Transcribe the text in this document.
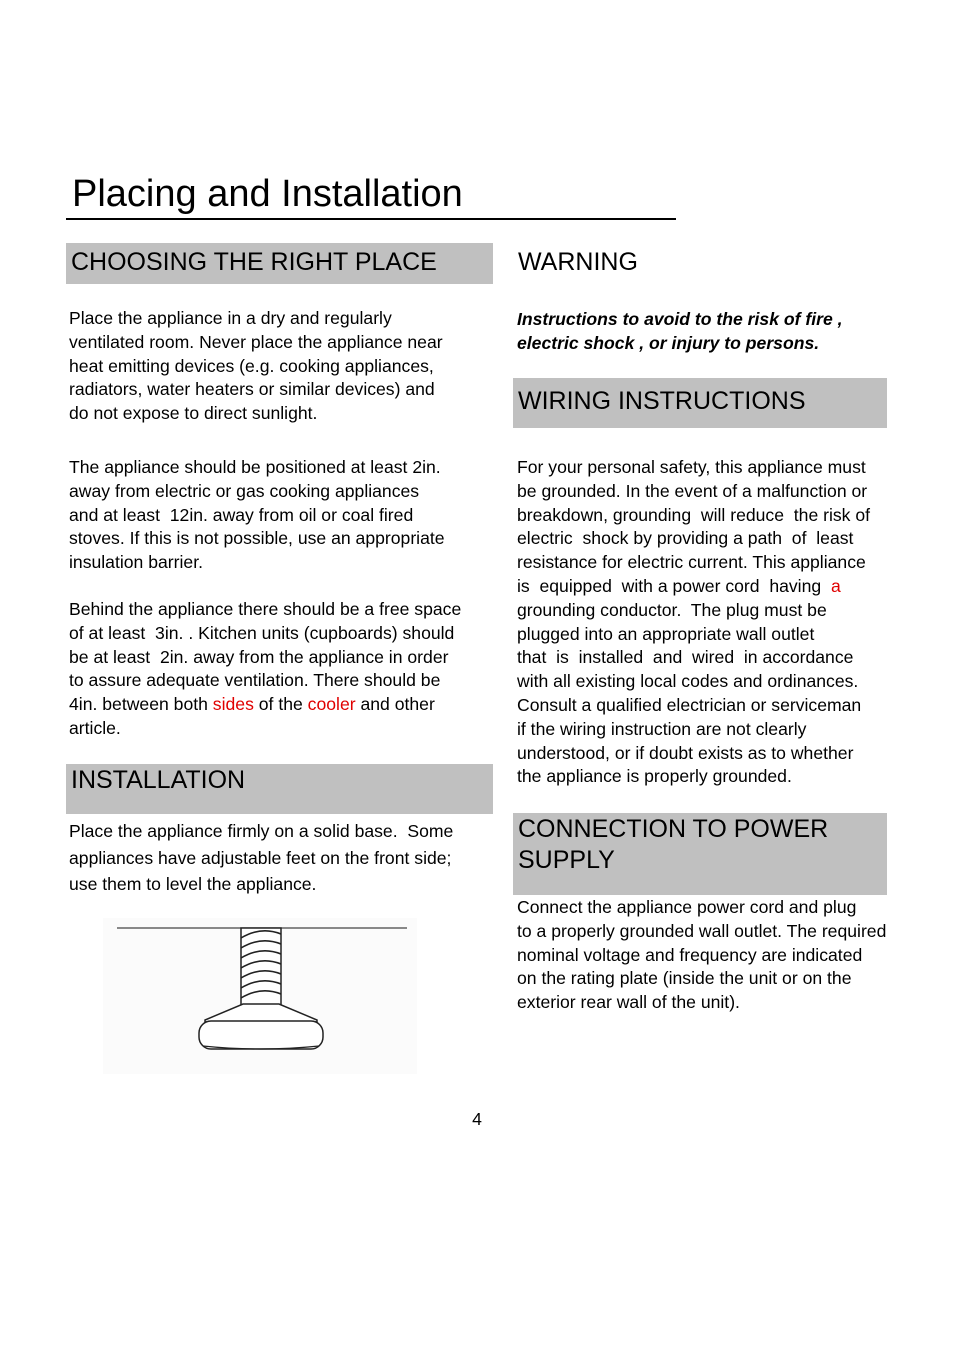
Placing and Installation
CHOOSING THE RIGHT PLACE

Place the appliance in a dry and regularly
ventilated room. Never place the appliance near
heat emitting devices (e.g. cooking appliances,
radiators, water heaters or similar devices) and
do not expose to direct sunlight.

The appliance should be positioned at least 2in.
away from electric or gas cooking appliances
and at least  12in. away from oil or coal fired
stoves. If this is not possible, use an appropriate
insulation barrier.

Behind the appliance there should be a free space
of at least  3in. . Kitchen units (cupboards) should
be at least  2in. away from the appliance in order
to assure adequate ventilation. There should be
4in. between both sides of the cooler and other
article.

INSTALLATION

Place the appliance firmly on a solid base.  Some
appliances have adjustable feet on the front side;
use them to level the appliance.

WARNING

Instructions to avoid to the risk of fire ,
electric shock , or injury to persons.

WIRING INSTRUCTIONS

For your personal safety, this appliance must
be grounded. In the event of a malfunction or
breakdown, grounding  will reduce  the risk of
electric  shock by providing a path  of  least
resistance for electric current. This appliance
is  equipped  with a power cord  having  a
grounding conductor.  The plug must be
plugged into an appropriate wall outlet
that  is  installed  and  wired  in accordance
with all existing local codes and ordinances.
Consult a qualified electrician or serviceman
if the wiring instruction are not clearly
understood, or if doubt exists as to whether
the appliance is properly grounded.

CONNECTION TO POWER
SUPPLY

Connect the appliance power cord and plug
to a properly grounded wall outlet. The required
nominal voltage and frequency are indicated
on the rating plate (inside the unit or on the
exterior rear wall of the unit).

4
